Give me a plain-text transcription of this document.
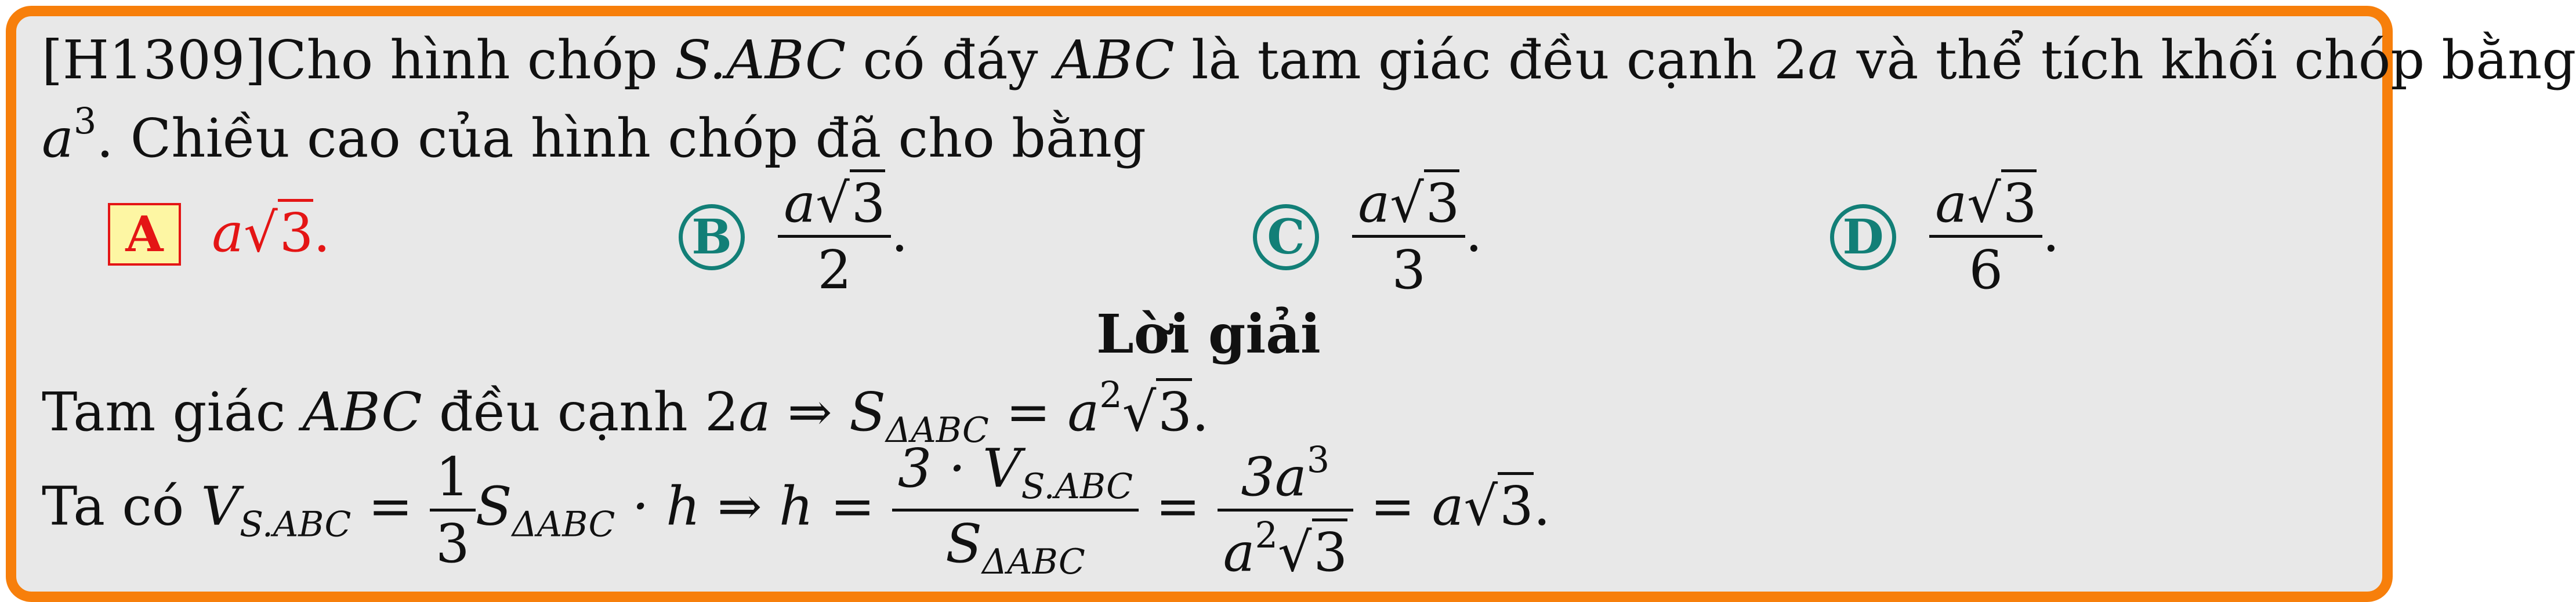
[H1309]Cho hình chóp S.ABC có đáy ABC là tam giác đều cạnh 2a và thể tích khối chóp bằng
$a^3$. Chiều cao của hình chóp đã cho bằng
A a√3.	B $\frac{a√3}{2}$ .	C $\frac{a√3}{3}$ .	D $\frac{a√3}{6}$ .
Lời giải
Tam giác ABC đều cạnh 2a ⇒ $S_{\Delta ABC} = a^2√3$.
Ta có $V_{S.ABC} = \frac{1}{3} S_{\Delta ABC} \cdot h$ ⇒ $h = \frac{3 \cdot V_{S.ABC}}{S_{\Delta ABC}} = \frac{3a^3}{a^2√3} = a√3$.
